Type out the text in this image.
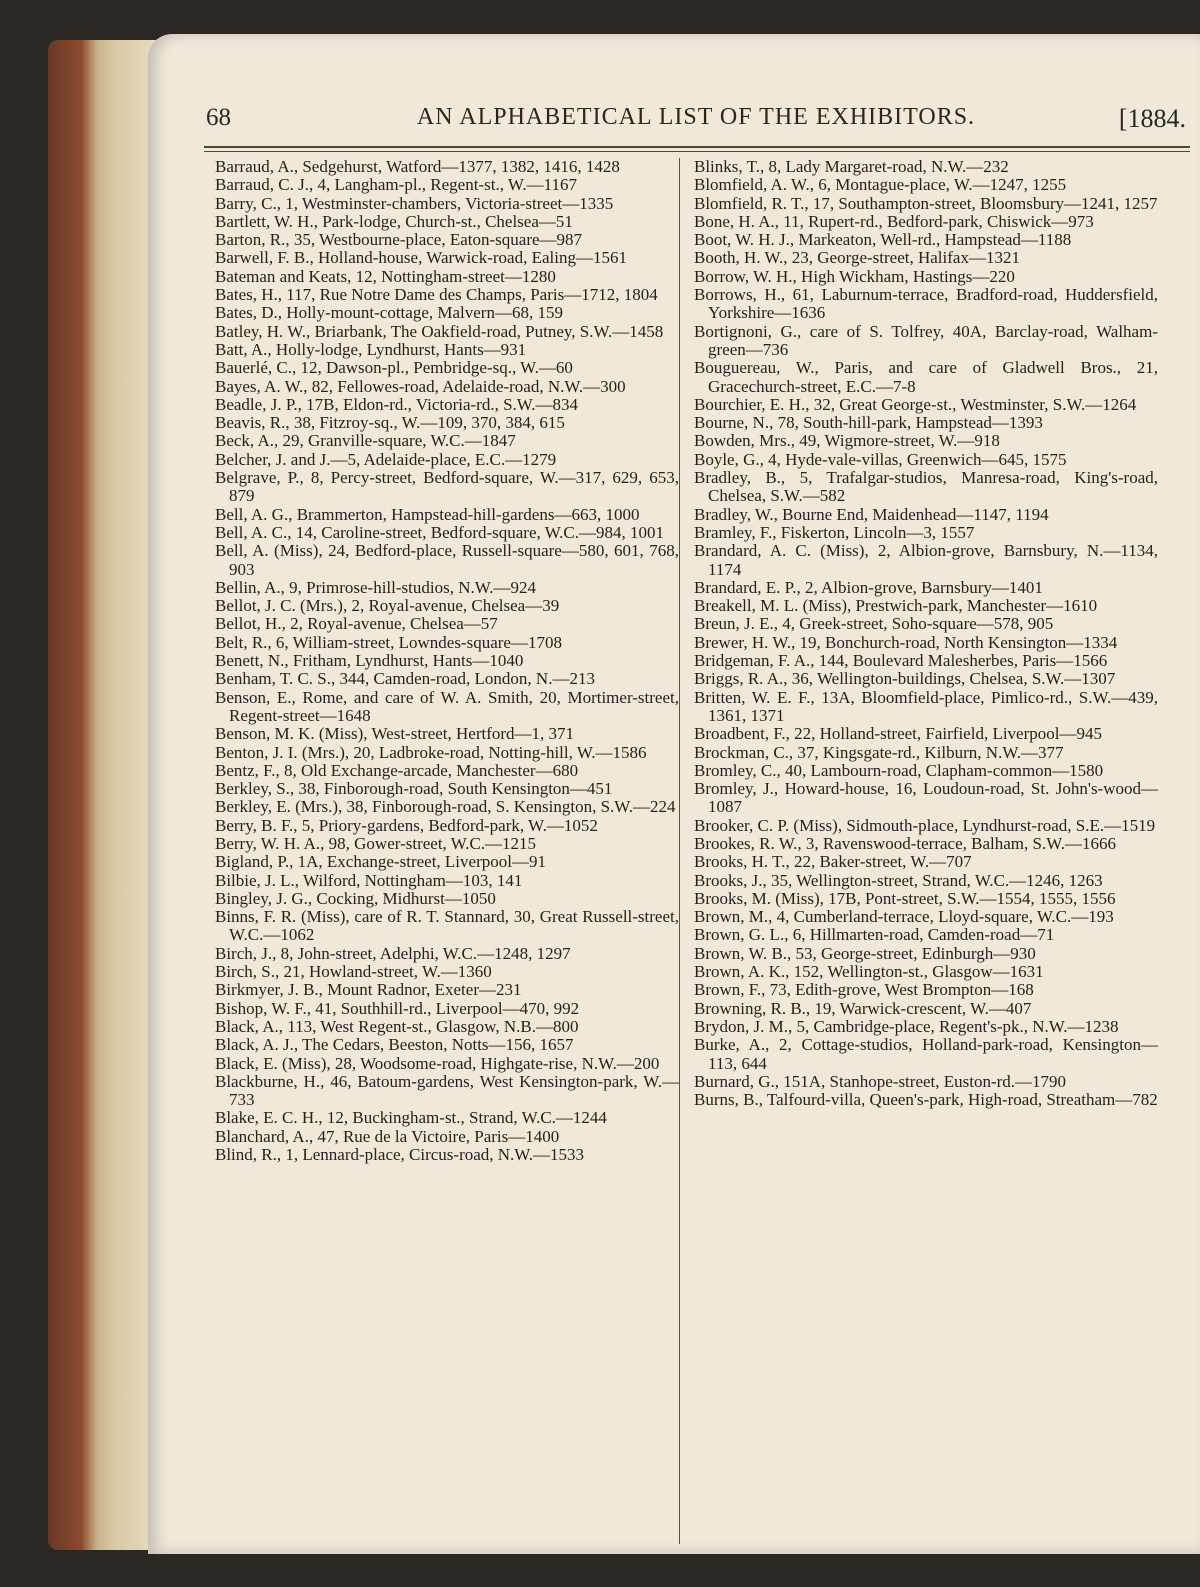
68	AN ALPHABETICAL LIST OF THE EXHIBITORS.	[1884.

Barraud, A., Sedgehurst, Watford—1377, 1382, 1416, 1428

Barraud, C. J., 4, Langham-pl., Regent-st., W.—1167

Barry, C., 1, Westminster-chambers, Victoria-street—1335

Bartlett, W. H., Park-lodge, Church-st., Chelsea—51

Barton, R., 35, Westbourne-place, Eaton-square—987

Barwell, F. B., Holland-house, Warwick-road, Ealing—1561

Bateman and Keats, 12, Nottingham-street—1280

Bates, H., 117, Rue Notre Dame des Champs, Paris—1712, 1804

Bates, D., Holly-mount-cottage, Malvern—68, 159

Batley, H. W., Briarbank, The Oakfield-road, Putney, S.W.—1458

Batt, A., Holly-lodge, Lyndhurst, Hants—931

Bauerlé, C., 12, Dawson-pl., Pembridge-sq., W.—60

Bayes, A. W., 82, Fellowes-road, Adelaide-road, N.W.—300

Beadle, J. P., 17B, Eldon-rd., Victoria-rd., S.W.—834

Beavis, R., 38, Fitzroy-sq., W.—109, 370, 384, 615

Beck, A., 29, Granville-square, W.C.—1847

Belcher, J. and J.—5, Adelaide-place, E.C.—1279

Belgrave, P., 8, Percy-street, Bedford-square, W.—317, 629, 653, 879

Bell, A. G., Brammerton, Hampstead-hill-gardens—663, 1000

Bell, A. C., 14, Caroline-street, Bedford-square, W.C.—984, 1001

Bell, A. (Miss), 24, Bedford-place, Russell-square—580, 601, 768, 903

Bellin, A., 9, Primrose-hill-studios, N.W.—924

Bellot, J. C. (Mrs.), 2, Royal-avenue, Chelsea—39

Bellot, H., 2, Royal-avenue, Chelsea—57

Belt, R., 6, William-street, Lowndes-square—1708

Benett, N., Fritham, Lyndhurst, Hants—1040

Benham, T. C. S., 344, Camden-road, London, N.—213

Benson, E., Rome, and care of W. A. Smith, 20, Mortimer-street, Regent-street—1648

Benson, M. K. (Miss), West-street, Hertford—1, 371

Benton, J. I. (Mrs.), 20, Ladbroke-road, Notting-hill, W.—1586

Bentz, F., 8, Old Exchange-arcade, Manchester—680

Berkley, S., 38, Finborough-road, South Kensington—451

Berkley, E. (Mrs.), 38, Finborough-road, S. Kensington, S.W.—224

Berry, B. F., 5, Priory-gardens, Bedford-park, W.—1052

Berry, W. H. A., 98, Gower-street, W.C.—1215

Bigland, P., 1A, Exchange-street, Liverpool—91

Bilbie, J. L., Wilford, Nottingham—103, 141

Bingley, J. G., Cocking, Midhurst—1050

Binns, F. R. (Miss), care of R. T. Stannard, 30, Great Russell-street, W.C.—1062

Birch, J., 8, John-street, Adelphi, W.C.—1248, 1297

Birch, S., 21, Howland-street, W.—1360

Birkmyer, J. B., Mount Radnor, Exeter—231

Bishop, W. F., 41, Southhill-rd., Liverpool—470, 992

Black, A., 113, West Regent-st., Glasgow, N.B.—800

Black, A. J., The Cedars, Beeston, Notts—156, 1657

Black, E. (Miss), 28, Woodsome-road, Highgate-rise, N.W.—200

Blackburne, H., 46, Batoum-gardens, West Kensington-park, W.—733

Blake, E. C. H., 12, Buckingham-st., Strand, W.C.—1244

Blanchard, A., 47, Rue de la Victoire, Paris—1400

Blind, R., 1, Lennard-place, Circus-road, N.W.—1533

Blinks, T., 8, Lady Margaret-road, N.W.—232

Blomfield, A. W., 6, Montague-place, W.—1247, 1255

Blomfield, R. T., 17, Southampton-street, Bloomsbury—1241, 1257

Bone, H. A., 11, Rupert-rd., Bedford-park, Chiswick—973

Boot, W. H. J., Markeaton, Well-rd., Hampstead—1188

Booth, H. W., 23, George-street, Halifax—1321

Borrow, W. H., High Wickham, Hastings—220

Borrows, H., 61, Laburnum-terrace, Bradford-road, Huddersfield, Yorkshire—1636

Bortignoni, G., care of S. Tolfrey, 40A, Barclay-road, Walham-green—736

Bouguereau, W., Paris, and care of Gladwell Bros., 21, Gracechurch-street, E.C.—7-8

Bourchier, E. H., 32, Great George-st., Westminster, S.W.—1264

Bourne, N., 78, South-hill-park, Hampstead—1393

Bowden, Mrs., 49, Wigmore-street, W.—918

Boyle, G., 4, Hyde-vale-villas, Greenwich—645, 1575

Bradley, B., 5, Trafalgar-studios, Manresa-road, King's-road, Chelsea, S.W.—582

Bradley, W., Bourne End, Maidenhead—1147, 1194

Bramley, F., Fiskerton, Lincoln—3, 1557

Brandard, A. C. (Miss), 2, Albion-grove, Barnsbury, N.—1134, 1174

Brandard, E. P., 2, Albion-grove, Barnsbury—1401

Breakell, M. L. (Miss), Prestwich-park, Manchester—1610

Breun, J. E., 4, Greek-street, Soho-square—578, 905

Brewer, H. W., 19, Bonchurch-road, North Kensington—1334

Bridgeman, F. A., 144, Boulevard Malesherbes, Paris—1566

Briggs, R. A., 36, Wellington-buildings, Chelsea, S.W.—1307

Britten, W. E. F., 13A, Bloomfield-place, Pimlico-rd., S.W.—439, 1361, 1371

Broadbent, F., 22, Holland-street, Fairfield, Liverpool—945

Brockman, C., 37, Kingsgate-rd., Kilburn, N.W.—377

Bromley, C., 40, Lambourn-road, Clapham-common—1580

Bromley, J., Howard-house, 16, Loudoun-road, St. John's-wood—1087

Brooker, C. P. (Miss), Sidmouth-place, Lyndhurst-road, S.E.—1519

Brookes, R. W., 3, Ravenswood-terrace, Balham, S.W.—1666

Brooks, H. T., 22, Baker-street, W.—707

Brooks, J., 35, Wellington-street, Strand, W.C.—1246, 1263

Brooks, M. (Miss), 17B, Pont-street, S.W.—1554, 1555, 1556

Brown, M., 4, Cumberland-terrace, Lloyd-square, W.C.—193

Brown, G. L., 6, Hillmarten-road, Camden-road—71

Brown, W. B., 53, George-street, Edinburgh—930

Brown, A. K., 152, Wellington-st., Glasgow—1631

Brown, F., 73, Edith-grove, West Brompton—168

Browning, R. B., 19, Warwick-crescent, W.—407

Brydon, J. M., 5, Cambridge-place, Regent's-pk., N.W.—1238

Burke, A., 2, Cottage-studios, Holland-park-road, Kensington—113, 644

Burnard, G., 151A, Stanhope-street, Euston-rd.—1790

Burns, B., Talfourd-villa, Queen's-park, High-road, Streatham—782
